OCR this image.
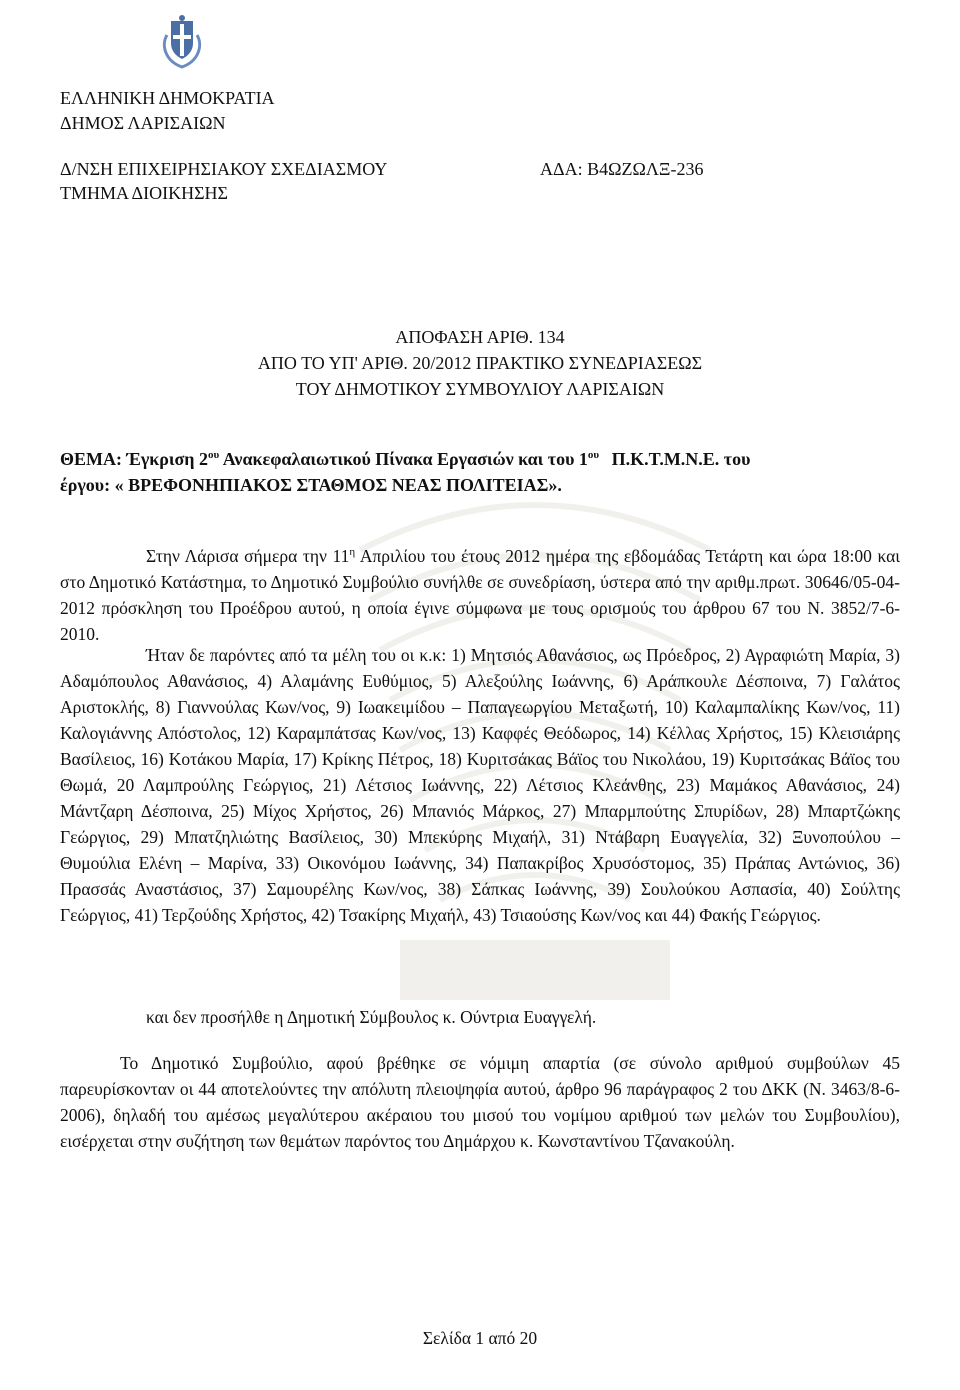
ΕΛΛΗΝΙΚΗ ΔΗΜΟΚΡΑΤΙΑ
ΔΗΜΟΣ ΛΑΡΙΣΑΙΩΝ
Δ/ΝΣΗ ΕΠΙΧΕΙΡΗΣΙΑΚΟΥ ΣΧΕΔΙΑΣΜΟΥ
ΤΜΗΜΑ ΔΙΟΙΚΗΣΗΣ
ΑΔΑ: Β4ΩΖΩΛΞ-236
ΑΠΟΦΑΣΗ ΑΡΙΘ. 134
ΑΠΟ ΤΟ ΥΠ' ΑΡΙΘ. 20/2012 ΠΡΑΚΤΙΚΟ ΣΥΝΕΔΡΙΑΣΕΩΣ
ΤΟΥ ΔΗΜΟΤΙΚΟΥ ΣΥΜΒΟΥΛΙΟΥ ΛΑΡΙΣΑΙΩΝ
ΘΕΜΑ: Έγκριση $2^{o\upsilon}$ Ανακεφαλαιωτικού Πίνακα Εργασιών και του $1^{o\upsilon}$ Π.Κ.Τ.Μ.Ν.Ε. του
έργου: « ΒΡΕΦΟΝΗΠΙΑΚΟΣ ΣΤΑΘΜΟΣ ΝΕΑΣ ΠΟΛΙΤΕΙΑΣ».
Στην Λάρισα σήμερα την $11^\eta$ Απριλίου του έτους 2012 ημέρα της εβδομάδας Τετάρτη και ώρα 18:00 και στο Δημοτικό Κατάστημα, το Δημοτικό Συμβούλιο συνήλθε σε συνεδρίαση, ύστερα από την αριθμ.πρωτ. 30646/05-04-2012 πρόσκληση του Προέδρου αυτού, η οποία έγινε σύμφωνα με τους ορισμούς του άρθρου 67 του Ν. 3852/7-6-2010.
Ήταν δε παρόντες από τα μέλη του οι κ.κ: 1) Μητσιός Αθανάσιος, ως Πρόεδρος, 2) Αγραφιώτη Μαρία, 3) Αδαμόπουλος Αθανάσιος, 4) Αλαμάνης Ευθύμιος, 5) Αλεξούλης Ιωάννης, 6) Αράπκουλε Δέσποινα, 7) Γαλάτος Αριστοκλής, 8) Γιαννούλας Κων/νος, 9) Ιωακειμίδου – Παπαγεωργίου Μεταξωτή, 10) Καλαμπαλίκης Κων/νος, 11) Καλογιάννης Απόστολος, 12) Καραμπάτσας Κων/νος, 13) Καφφές Θεόδωρος, 14) Κέλλας Χρήστος, 15) Κλεισιάρης Βασίλειος, 16) Κοτάκου Μαρία, 17) Κρίκης Πέτρος, 18) Κυριτσάκας Βάϊος του Νικολάου, 19) Κυριτσάκας Βάϊος του Θωμά, 20 Λαμπρούλης Γεώργιος, 21) Λέτσιος Ιωάννης, 22) Λέτσιος Κλεάνθης, 23) Μαμάκος Αθανάσιος, 24) Μάντζαρη Δέσποινα, 25) Μίχος Χρήστος, 26) Μπανιός Μάρκος, 27) Μπαρμπούτης Σπυρίδων, 28) Μπαρτζώκης Γεώργιος, 29) Μπατζηλιώτης Βασίλειος, 30) Μπεκύρης Μιχαήλ, 31) Ντάβαρη Ευαγγελία, 32) Ξυνοπούλου – Θυμούλια Ελένη – Μαρίνα, 33) Οικονόμου Ιωάννης, 34) Παπακρίβος Χρυσόστομος, 35) Πράπας Αντώνιος, 36) Πρασσάς Αναστάσιος, 37) Σαμουρέλης Κων/νος, 38) Σάπκας Ιωάννης, 39) Σουλούκου Ασπασία, 40) Σούλτης Γεώργιος, 41) Τερζούδης Χρήστος, 42) Τσακίρης Μιχαήλ, 43) Τσιαούσης Κων/νος και 44) Φακής Γεώργιος.
και δεν προσήλθε η Δημοτική Σύμβουλος κ. Ούντρια Ευαγγελή.
Το Δημοτικό Συμβούλιο, αφού βρέθηκε σε νόμιμη απαρτία (σε σύνολο αριθμού συμβούλων 45 παρευρίσκονταν οι 44 αποτελούντες την απόλυτη πλειοψηφία αυτού, άρθρο 96 παράγραφος 2 του ΔΚΚ (Ν. 3463/8-6-2006), δηλαδή του αμέσως μεγαλύτερου ακέραιου του μισού του νομίμου αριθμού των μελών του Συμβουλίου), εισέρχεται στην συζήτηση των θεμάτων παρόντος του Δημάρχου κ. Κωνσταντίνου Τζανακούλη.
Σελίδα 1 από 20
